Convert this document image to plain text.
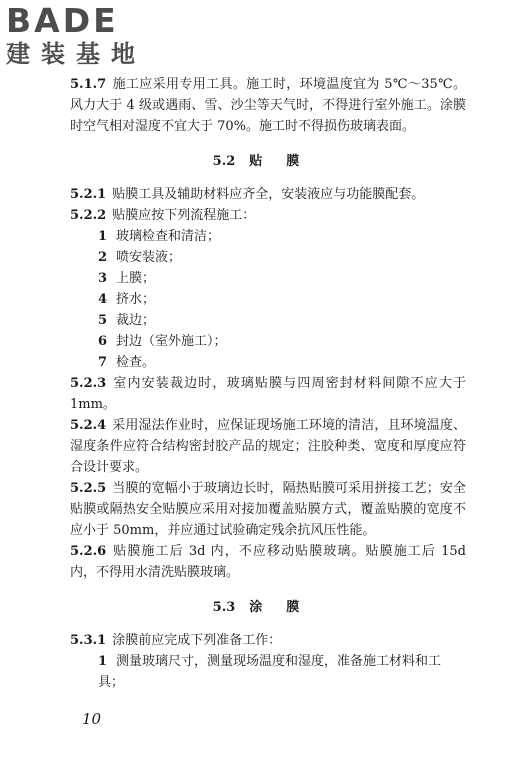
BADE
建装基地
5.1.7 施工应采用专用工具。施工时，环境温度宜为 5℃～35℃。风力大于 4 级或遇雨、雪、沙尘等天气时，不得进行室外施工。涂膜时空气相对湿度不宜大于 70%。施工时不得损伤玻璃表面。
5.2 贴膜
5.2.1 贴膜工具及辅助材料应齐全，安装液应与功能膜配套。
5.2.2 贴膜应按下列流程施工：
1 玻璃检查和清洁；
2 喷安装液；
3 上膜；
4 挤水；
5 裁边；
6 封边（室外施工）；
7 检查。
5.2.3 室内安装裁边时，玻璃贴膜与四周密封材料间隙不应大于 1mm。
5.2.4 采用湿法作业时，应保证现场施工环境的清洁，且环境温度、湿度条件应符合结构密封胶产品的规定；注胶种类、宽度和厚度应符合设计要求。
5.2.5 当膜的宽幅小于玻璃边长时，隔热贴膜可采用拼接工艺；安全贴膜或隔热安全贴膜应采用对接加覆盖贴膜方式，覆盖贴膜的宽度不应小于 50mm，并应通过试验确定残余抗风压性能。
5.2.6 贴膜施工后 3d 内，不应移动贴膜玻璃。贴膜施工后 15d 内，不得用水清洗贴膜玻璃。
5.3 涂膜
5.3.1 涂膜前应完成下列准备工作：
1 测量玻璃尺寸，测量现场温度和湿度，准备施工材料和工具；
10
